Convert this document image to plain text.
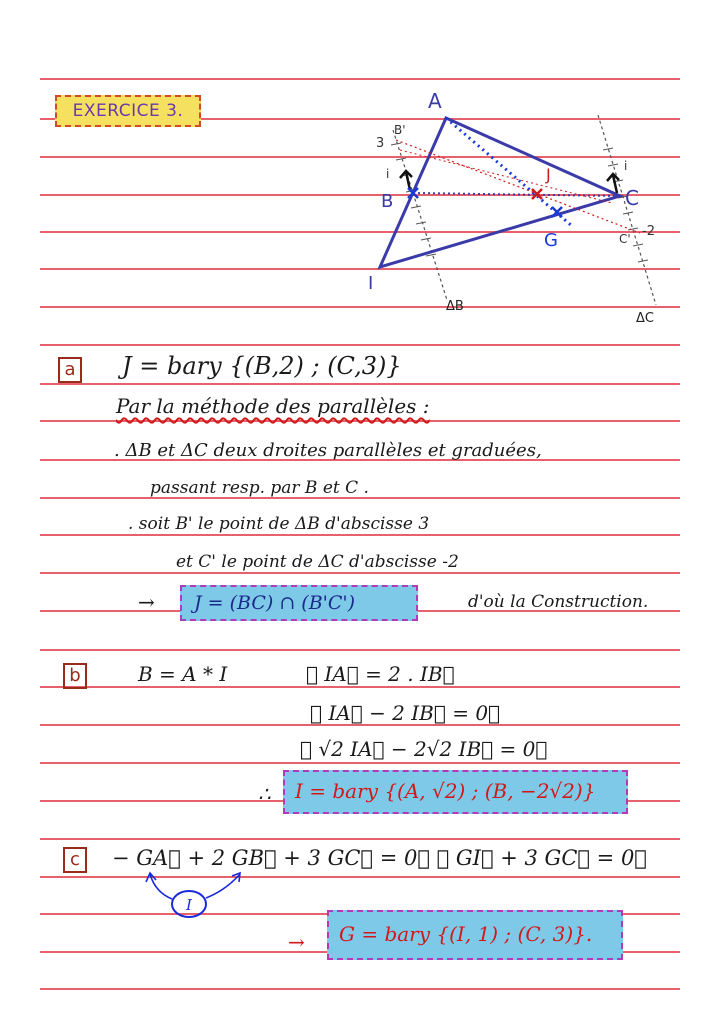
EXERCICE 3.	A
B	C
I
J
G
B'
C'
3
-2
i
i
ΔB
ΔC
a J = bary {(B,2) ; (C,3)}
Par la méthode des parallèles :
. ΔB et ΔC deux droites parallèles et graduées,
passant resp. par B et C .
. soit B' le point de ΔB d'abscisse 3
et C' le point de ΔC d'abscisse -2
→	J = (BC) ∩ (B'C')	d'où la Construction.
b	B = A * I	∴ IA⃗ = 2 . IB⃗
∴ IA⃗ − 2 IB⃗ = 0⃗
∴ √2 IA⃗ − 2√2 IB⃗ = 0⃗
∴	I = bary {(A, √2) ; (B, −2√2)}
c	− GA⃗ + 2 GB⃗ + 3 GC⃗ = 0⃗ ∴ GI⃗ + 3 GC⃗ = 0⃗
I
→	G = bary {(I, 1) ; (C, 3)}.
